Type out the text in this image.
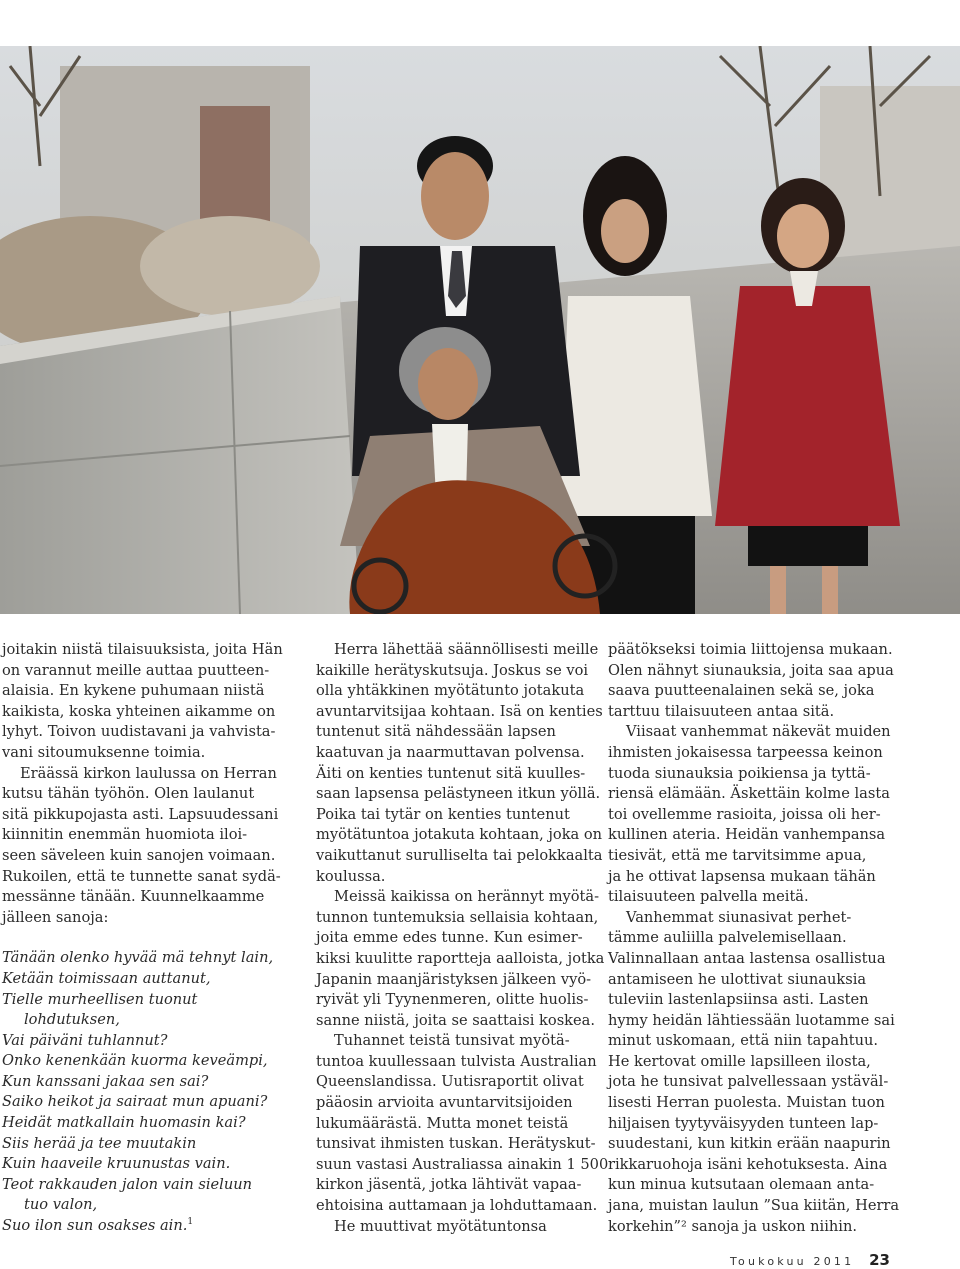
joitakin niistä tilaisuuksista, joita Hän
on varannut meille auttaa puutteen-
alaisia. En kykene puhumaan niistä
kaikista, koska yhteinen aikamme on
lyhyt. Toivon uudistavani ja vahvista-
vani sitoumuksenne toimia.

Eräässä kirkon laulussa on Herran
kutsu tähän työhön. Olen laulanut
sitä pikkupojasta asti. Lapsuudessani
kiinnitin enemmän huomiota iloi-
seen säveleen kuin sanojen voimaan.
Rukoilen, että te tunnette sanat sydä-
messänne tänään. Kuunnelkaamme
jälleen sanoja:

Tänään olenko hyvää mä tehnyt lain,
Ketään toimissaan auttanut,
Tielle murheellisen tuonut
lohdutuksen,
Vai päiväni tuhlannut?
Onko kenenkään kuorma keveämpi,
Kun kanssani jakaa sen sai?
Saiko heikot ja sairaat mun apuani?
Heidät matkallain huomasin kai?
Siis herää ja tee muutakin
Kuin haaveile kruunustas vain.
Teot rakkauden jalon vain sieluun
tuo valon,
Suo ilon sun osakses ain.$^1$

Herra lähettää säännöllisesti meille
kaikille herätyskutsuja. Joskus se voi
olla yhtäkkinen myötätunto jotakuta
avuntarvitsijaa kohtaan. Isä on kenties
tuntenut sitä nähdessään lapsen
kaatuvan ja naarmuttavan polvensa.
Äiti on kenties tuntenut sitä kuulles-
saan lapsensa pelästyneen itkun yöllä.
Poika tai tytär on kenties tuntenut
myötätuntoa jotakuta kohtaan, joka on
vaikuttanut surulliselta tai pelokkaalta
koulussa.

Meissä kaikissa on herännyt myötä-
tunnon tuntemuksia sellaisia kohtaan,
joita emme edes tunne. Kun esimer-
kiksi kuulitte raportteja aalloista, jotka
Japanin maanjäristyksen jälkeen vyö-
ryivät yli Tyynenmeren, olitte huolis-
sanne niistä, joita se saattaisi koskea.

Tuhannet teistä tunsivat myötä-
tuntoa kuullessaan tulvista Australian
Queenslandissa. Uutisraportit olivat
pääosin arvioita avuntarvitsijoiden
lukumäärästä. Mutta monet teistä
tunsivat ihmisten tuskan. Herätyskut-
suun vastasi Australiassa ainakin 1 500
kirkon jäsentä, jotka lähtivät vapaa-
ehtoisina auttamaan ja lohduttamaan.

He muuttivat myötätuntonsa

päätökseksi toimia liittojensa mukaan.
Olen nähnyt siunauksia, joita saa apua
saava puutteenalainen sekä se, joka
tarttuu tilaisuuteen antaa sitä.

Viisaat vanhemmat näkevät muiden
ihmisten jokaisessa tarpeessa keinon
tuoda siunauksia poikiensa ja tyttä-
riensä elämään. Äskettäin kolme lasta
toi ovellemme rasioita, joissa oli her-
kullinen ateria. Heidän vanhempansa
tiesivät, että me tarvitsimme apua,
ja he ottivat lapsensa mukaan tähän
tilaisuuteen palvella meitä.

Vanhemmat siunasivat perhet-
tämme auliilla palvelemisellaan.
Valinnallaan antaa lastensa osallistua
antamiseen he ulottivat siunauksia
tuleviin lastenlapsiinsa asti. Lasten
hymy heidän lähtiessään luotamme sai
minut uskomaan, että niin tapahtuu.
He kertovat omille lapsilleen ilosta,
jota he tunsivat palvellessaan ystäväl-
lisesti Herran puolesta. Muistan tuon
hiljaisen tyytyväisyyden tunteen lap-
suudestani, kun kitkin erään naapurin
rikkaruohoja isäni kehotuksesta. Aina
kun minua kutsutaan olemaan anta-
jana, muistan laulun ”Sua kiitän, Herra
korkehin”² sanoja ja uskon niihin.

Toukokuu 2011 23
